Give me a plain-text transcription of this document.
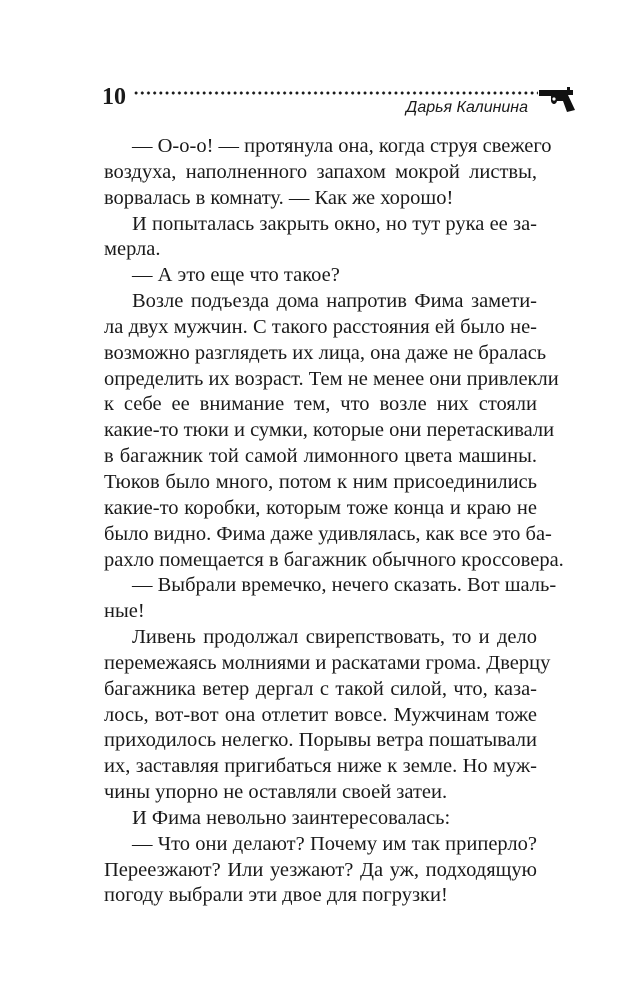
10	Дарья Калинина
— О-о-о! — протянула она, когда струя свежего
воздуха, наполненного запахом мокрой листвы,
ворвалась в комнату. — Как же хорошо!
И попыталась закрыть окно, но тут рука ее за-
мерла.
— А это еще что такое?
Возле подъезда дома напротив Фима замети-
ла двух мужчин. С такого расстояния ей было не-
возможно разглядеть их лица, она даже не бралась
определить их возраст. Тем не менее они привлекли
к себе ее внимание тем, что возле них стояли
какие-то тюки и сумки, которые они перетаскивали
в багажник той самой лимонного цвета машины.
Тюков было много, потом к ним присоединились
какие-то коробки, которым тоже конца и краю не
было видно. Фима даже удивлялась, как все это ба-
рахло помещается в багажник обычного кроссовера.
— Выбрали времечко, нечего сказать. Вот шаль-
ные!
Ливень продолжал свирепствовать, то и дело
перемежаясь молниями и раскатами грома. Дверцу
багажника ветер дергал с такой силой, что, каза-
лось, вот-вот она отлетит вовсе. Мужчинам тоже
приходилось нелегко. Порывы ветра пошатывали
их, заставляя пригибаться ниже к земле. Но муж-
чины упорно не оставляли своей затеи.
И Фима невольно заинтересовалась:
— Что они делают? Почему им так приперло?
Переезжают? Или уезжают? Да уж, подходящую
погоду выбрали эти двое для погрузки!
